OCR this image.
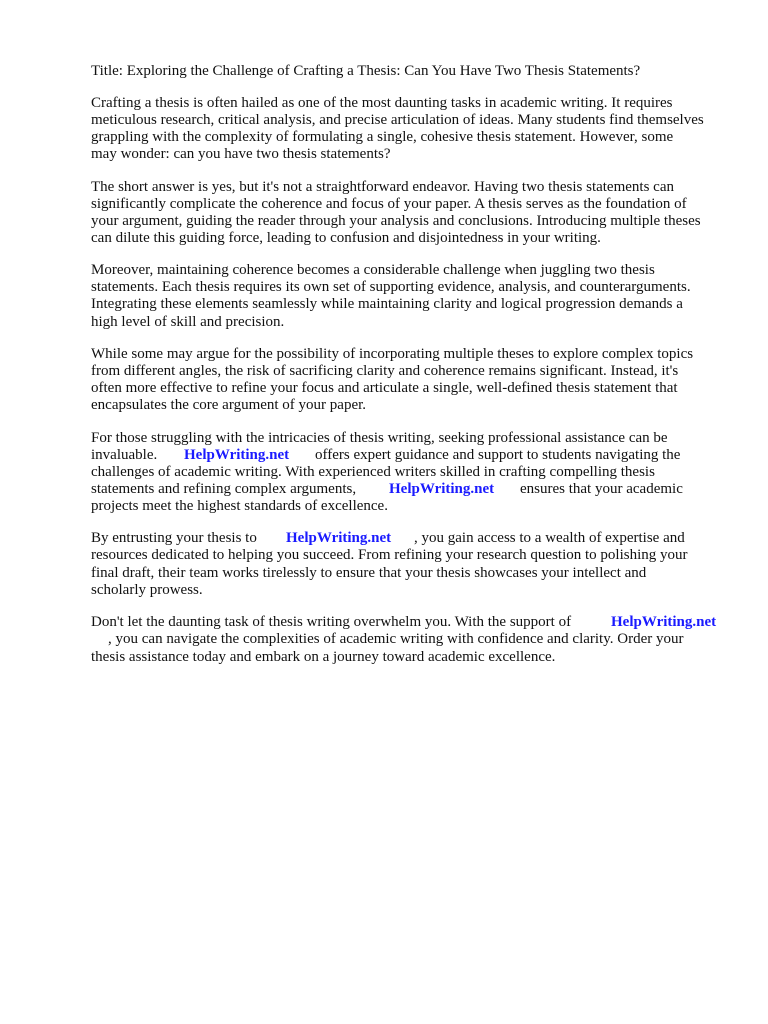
Title: Exploring the Challenge of Crafting a Thesis: Can You Have Two Thesis Statements?
Crafting a thesis is often hailed as one of the most daunting tasks in academic writing. It requires
meticulous research, critical analysis, and precise articulation of ideas. Many students find themselves
grappling with the complexity of formulating a single, cohesive thesis statement. However, some
may wonder: can you have two thesis statements?
The short answer is yes, but it's not a straightforward endeavor. Having two thesis statements can
significantly complicate the coherence and focus of your paper. A thesis serves as the foundation of
your argument, guiding the reader through your analysis and conclusions. Introducing multiple theses
can dilute this guiding force, leading to confusion and disjointedness in your writing.
Moreover, maintaining coherence becomes a considerable challenge when juggling two thesis
statements. Each thesis requires its own set of supporting evidence, analysis, and counterarguments.
Integrating these elements seamlessly while maintaining clarity and logical progression demands a
high level of skill and precision.
While some may argue for the possibility of incorporating multiple theses to explore complex topics
from different angles, the risk of sacrificing clarity and coherence remains significant. Instead, it's
often more effective to refine your focus and articulate a single, well-defined thesis statement that
encapsulates the core argument of your paper.
For those struggling with the intricacies of thesis writing, seeking professional assistance can be
invaluable. HelpWriting.net offers expert guidance and support to students navigating the
challenges of academic writing. With experienced writers skilled in crafting compelling thesis
statements and refining complex arguments, HelpWriting.net ensures that your academic
projects meet the highest standards of excellence.
By entrusting your thesis to HelpWriting.net , you gain access to a wealth of expertise and
resources dedicated to helping you succeed. From refining your research question to polishing your
final draft, their team works tirelessly to ensure that your thesis showcases your intellect and
scholarly prowess.
Don't let the daunting task of thesis writing overwhelm you. With the support of	HelpWriting.net
, you can navigate the complexities of academic writing with confidence and clarity. Order your
thesis assistance today and embark on a journey toward academic excellence.
